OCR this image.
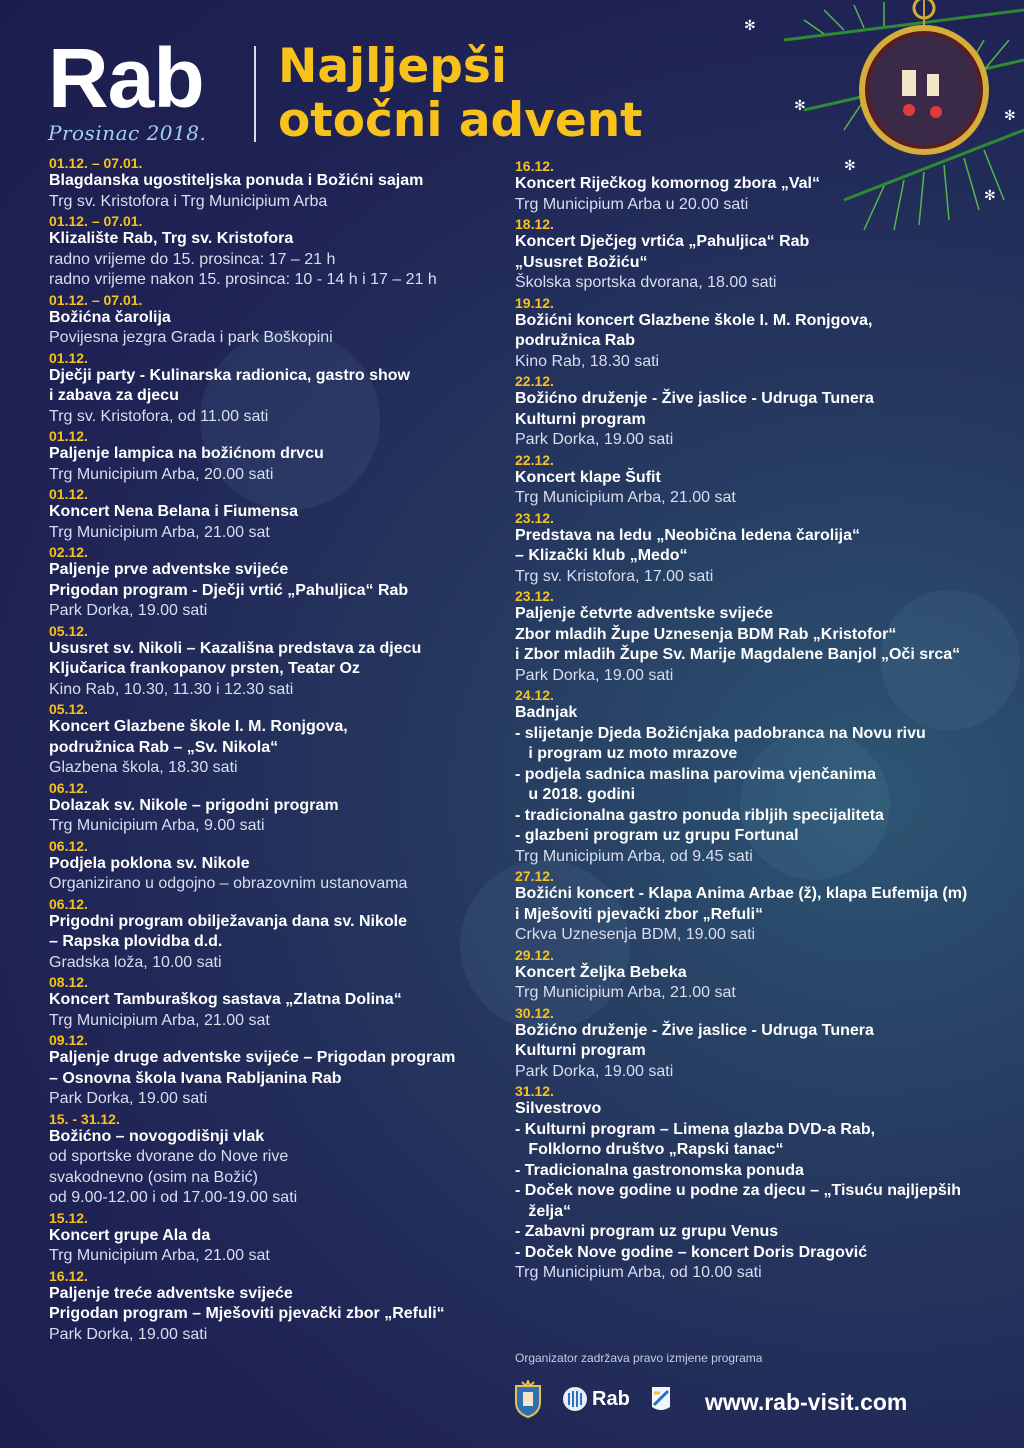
✻
✻
✻
✻
✻
Rab
Prosinac 2018.
Najljepši
otočni advent
01.12. – 07.01.
Blagdanska ugostiteljska ponuda i Božićni sajam
Trg sv. Kristofora i Trg Municipium Arba
01.12. – 07.01.
Klizalište Rab, Trg sv. Kristofora
radno vrijeme do 15. prosinca: 17 – 21 h
radno vrijeme nakon 15. prosinca: 10 - 14 h i 17 – 21 h
01.12. – 07.01.
Božićna čarolija
Povijesna jezgra Grada i park Boškopini
01.12.
Dječji party - Kulinarska radionica, gastro show
i zabava za djecu
Trg sv. Kristofora, od 11.00 sati
01.12.
Paljenje lampica na božićnom drvcu
Trg Municipium Arba, 20.00 sati
01.12.
Koncert Nena Belana i Fiumensa
Trg Municipium Arba, 21.00 sat
02.12.
Paljenje prve adventske svijeće
Prigodan program - Dječji vrtić „Pahuljica“ Rab
Park Dorka, 19.00 sati
05.12.
Ususret sv. Nikoli – Kazališna predstava za djecu
Ključarica frankopanov prsten, Teatar Oz
Kino Rab, 10.30, 11.30 i 12.30 sati
05.12.
Koncert Glazbene škole I. M. Ronjgova,
podružnica Rab – „Sv. Nikola“
Glazbena škola, 18.30 sati
06.12.
Dolazak sv. Nikole – prigodni program
Trg Municipium Arba, 9.00 sati
06.12.
Podjela poklona sv. Nikole
Organizirano u odgojno – obrazovnim ustanovama
06.12.
Prigodni program obilježavanja dana sv. Nikole
– Rapska plovidba d.d.
Gradska loža, 10.00 sati
08.12.
Koncert Tamburaškog sastava „Zlatna Dolina“
Trg Municipium Arba, 21.00 sat
09.12.
Paljenje druge adventske svijeće – Prigodan program
– Osnovna škola Ivana Rabljanina Rab
Park Dorka, 19.00 sati
15. - 31.12.
Božićno – novogodišnji vlak
od sportske dvorane do Nove rive
svakodnevno (osim na Božić)
od 9.00-12.00 i od 17.00-19.00 sati
15.12.
Koncert grupe Ala da
Trg Municipium Arba, 21.00 sat
16.12.
Paljenje treće adventske svijeće
Prigodan program – Mješoviti pjevački zbor „Refuli“
Park Dorka, 19.00 sati
16.12.
Koncert Riječkog komornog zbora „Val“
Trg Municipium Arba u 20.00 sati
18.12.
Koncert Dječjeg vrtića „Pahuljica“ Rab
„Ususret Božiću“
Školska sportska dvorana, 18.00 sati
19.12.
Božićni koncert Glazbene škole I. M. Ronjgova,
podružnica Rab
Kino Rab, 18.30 sati
22.12.
Božićno druženje - Žive jaslice - Udruga Tunera
Kulturni program
Park Dorka, 19.00 sati
22.12.
Koncert klape Šufit
Trg Municipium Arba, 21.00 sat
23.12.
Predstava na ledu „Neobična ledena čarolija“
– Klizački klub „Medo“
Trg sv. Kristofora, 17.00 sati
23.12.
Paljenje četvrte adventske svijeće
Zbor mladih Župe Uznesenja BDM Rab „Kristofor“
i Zbor mladih Župe Sv. Marije Magdalene Banjol „Oči srca“
Park Dorka, 19.00 sati
24.12.
Badnjak
- slijetanje Djeda Božićnjaka padobranca na Novu rivu
i program uz moto mrazove
- podjela sadnica maslina parovima vjenčanima
u 2018. godini
- tradicionalna gastro ponuda ribljih specijaliteta
- glazbeni program uz grupu Fortunal
Trg Municipium Arba, od 9.45 sati
27.12.
Božićni koncert - Klapa Anima Arbae (ž), klapa Eufemija (m)
i Mješoviti pjevački zbor „Refuli“
Crkva Uznesenja BDM, 19.00 sati
29.12.
Koncert Željka Bebeka
Trg Municipium Arba, 21.00 sat
30.12.
Božićno druženje - Žive jaslice - Udruga Tunera
Kulturni program
Park Dorka, 19.00 sati
31.12.
Silvestrovo
- Kulturni program – Limena glazba DVD-a Rab,
Folklorno društvo „Rapski tanac“
- Tradicionalna gastronomska ponuda
- Doček nove godine u podne za djecu – „Tisuću najljepših
želja“
- Zabavni program uz grupu Venus
- Doček Nove godine – koncert Doris Dragović
Trg Municipium Arba, od 10.00 sati
Organizator zadržava pravo izmjene programa
Rab	www.rab-visit.com
